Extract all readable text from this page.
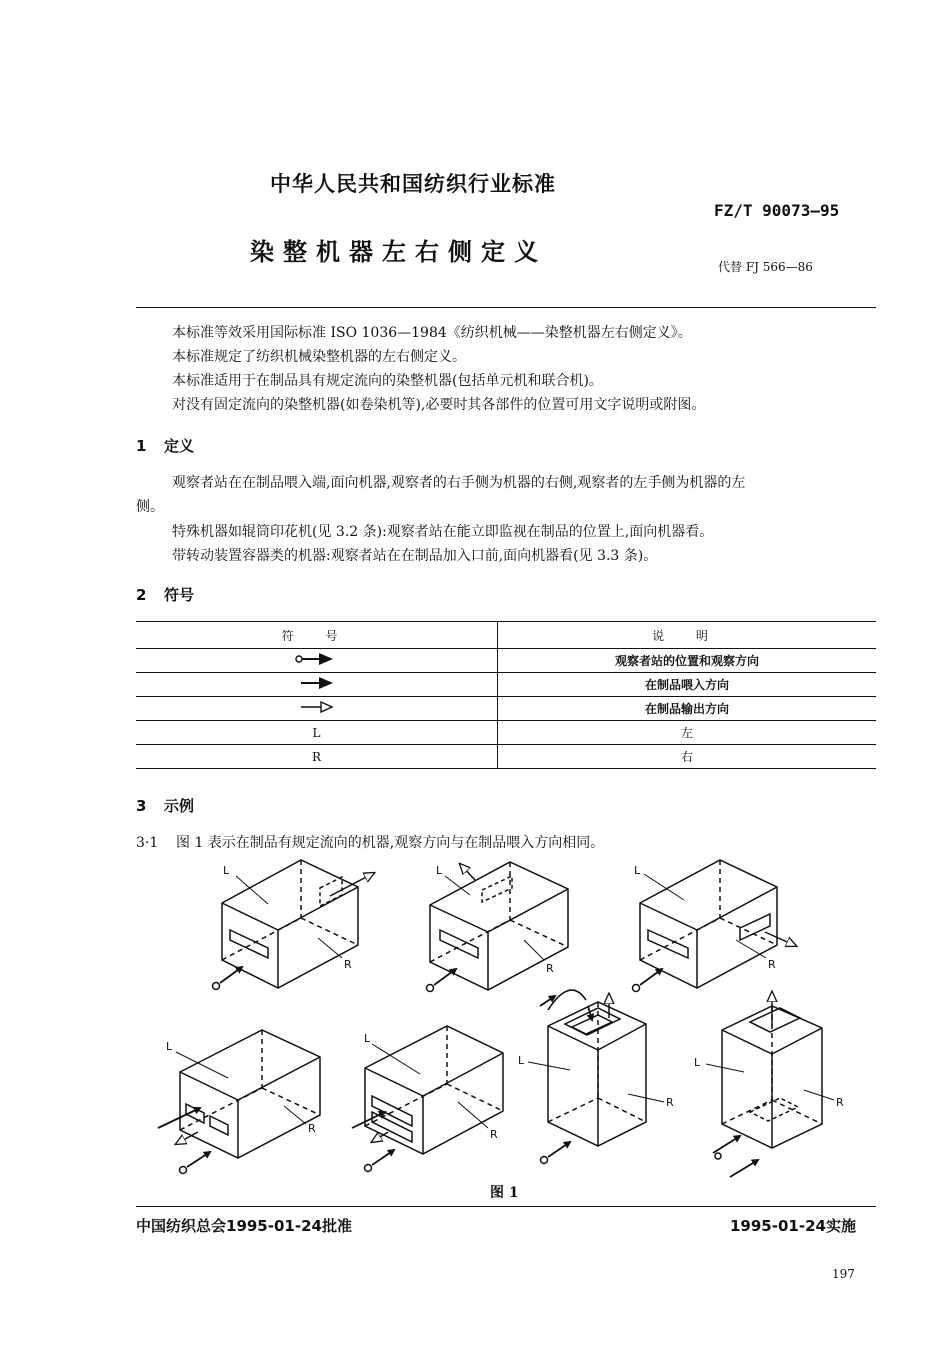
中华人民共和国纺织行业标准
FZ/T 90073—95
染整机器左右侧定义
代替 FJ 566—86
本标准等效采用国际标准 ISO 1036—1984《纺织机械——染整机器左右侧定义》。
本标准规定了纺织机械染整机器的左右侧定义。
本标准适用于在制品具有规定流向的染整机器(包括单元机和联合机)。
对没有固定流向的染整机器(如卷染机等),必要时其各部件的位置可用文字说明或附图。
1 定义
观察者站在在制品喂入端,面向机器,观察者的右手侧为机器的右侧,观察者的左手侧为机器的左
侧。
特殊机器如辊筒印花机(见 3.2 条):观察者站在能立即监视在制品的位置上,面向机器看。
带转动装置容器类的机器:观察者站在在制品加入口前,面向机器看(见 3.3 条)。
2 符号
符 号	说 明
	观察者站的位置和观察方向
	在制品喂入方向
	在制品输出方向
L	左
R	右
3 示例
3·1 图 1 表示在制品有规定流向的机器,观察方向与在制品喂入方向相同。
L
R
L
R
L
R
L
R
L
R
L
R
L
R
图 1
中国纺织总会1995-01-24批准	1995-01-24实施
197
